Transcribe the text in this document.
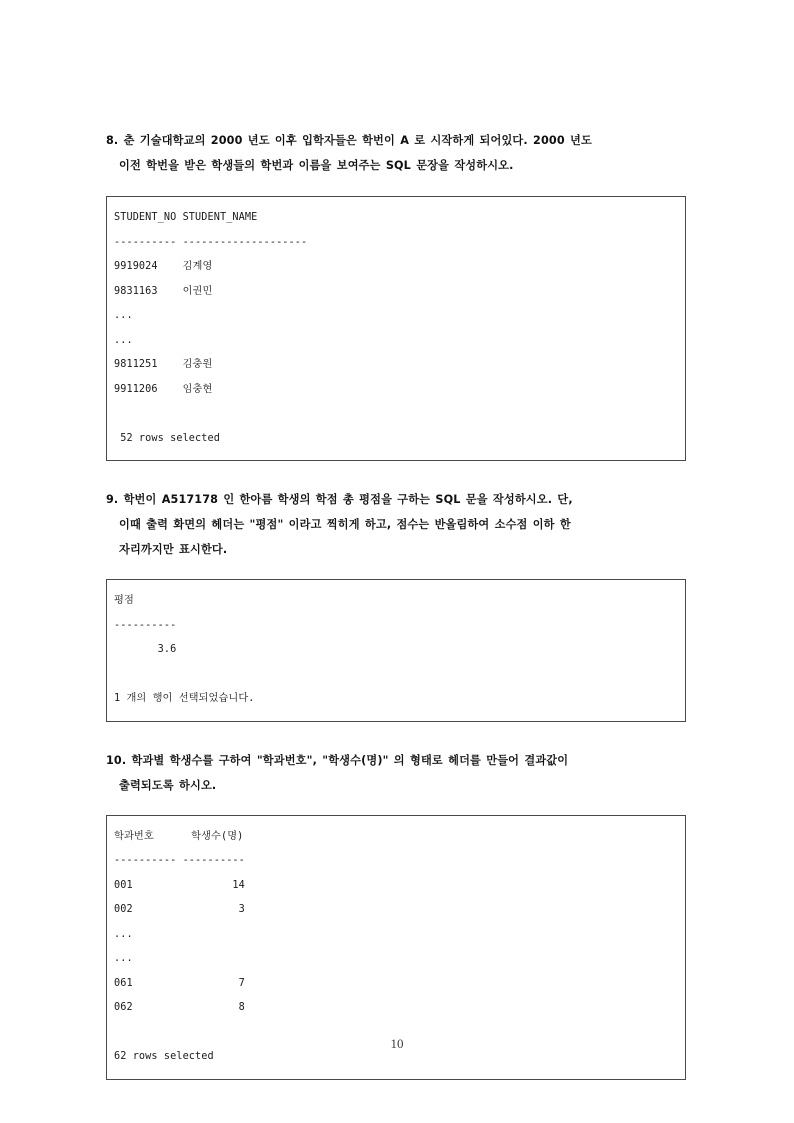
8. 춘 기술대학교의 2000 년도 이후 입학자들은 학번이 A 로 시작하게 되어있다. 2000 년도
이전 학번을 받은 학생들의 학번과 이름을 보여주는 SQL 문장을 작성하시오.
STUDENT_NO STUDENT_NAME
---------- --------------------
9919024    김계영
9831163    이권민
...
...
9811251    김충원
9911206    임충현
52 rows selected
9. 학번이 A517178 인 한아름 학생의 학점 총 평점을 구하는 SQL 문을 작성하시오. 단,
이때 출력 화면의 헤더는 "평점" 이라고 찍히게 하고, 점수는 반올림하여 소수점 이하 한
자리까지만 표시한다.
평점
----------
3.6
1 개의 행이 선택되었습니다.
10. 학과별 학생수를 구하여 "학과번호", "학생수(명)" 의 형태로 헤더를 만들어 결과값이
출력되도록 하시오.
학과번호      학생수(명)
---------- ----------
001                14
002                 3
...
...
061                 7
062                 8
62 rows selected
10
